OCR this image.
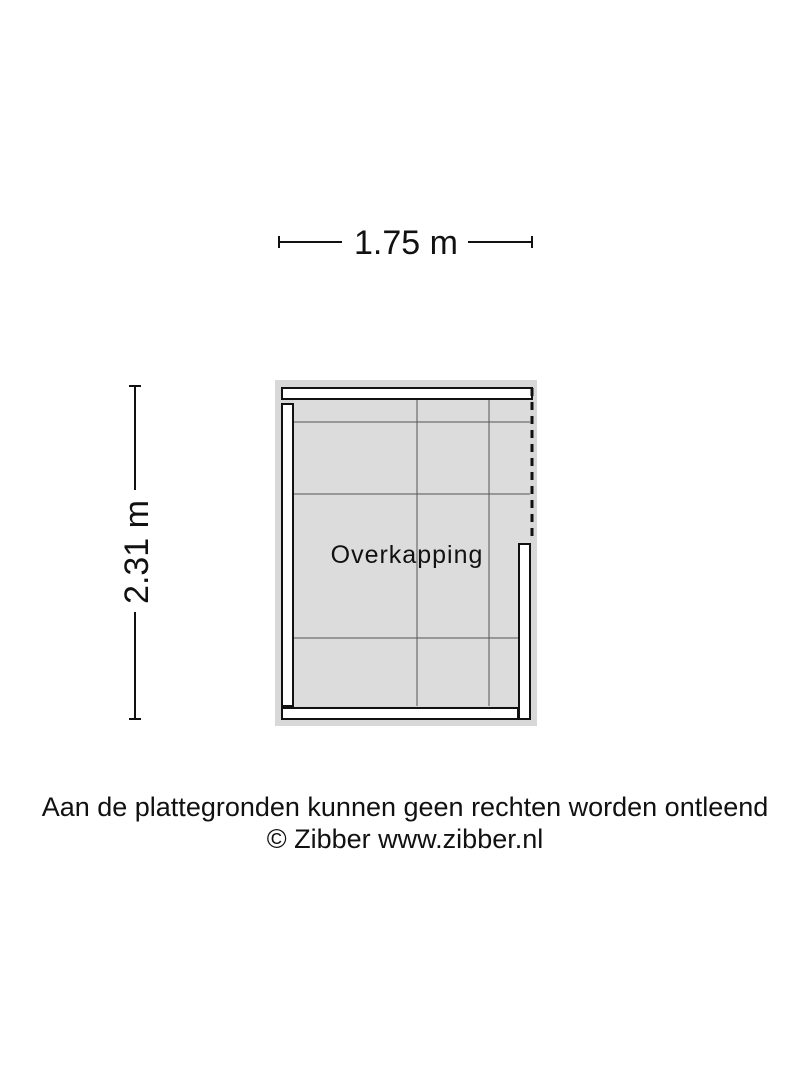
1.75 m
2.31 m	Overkapping
Aan de plattegronden kunnen geen rechten worden ontleend
© Zibber www.zibber.nl
